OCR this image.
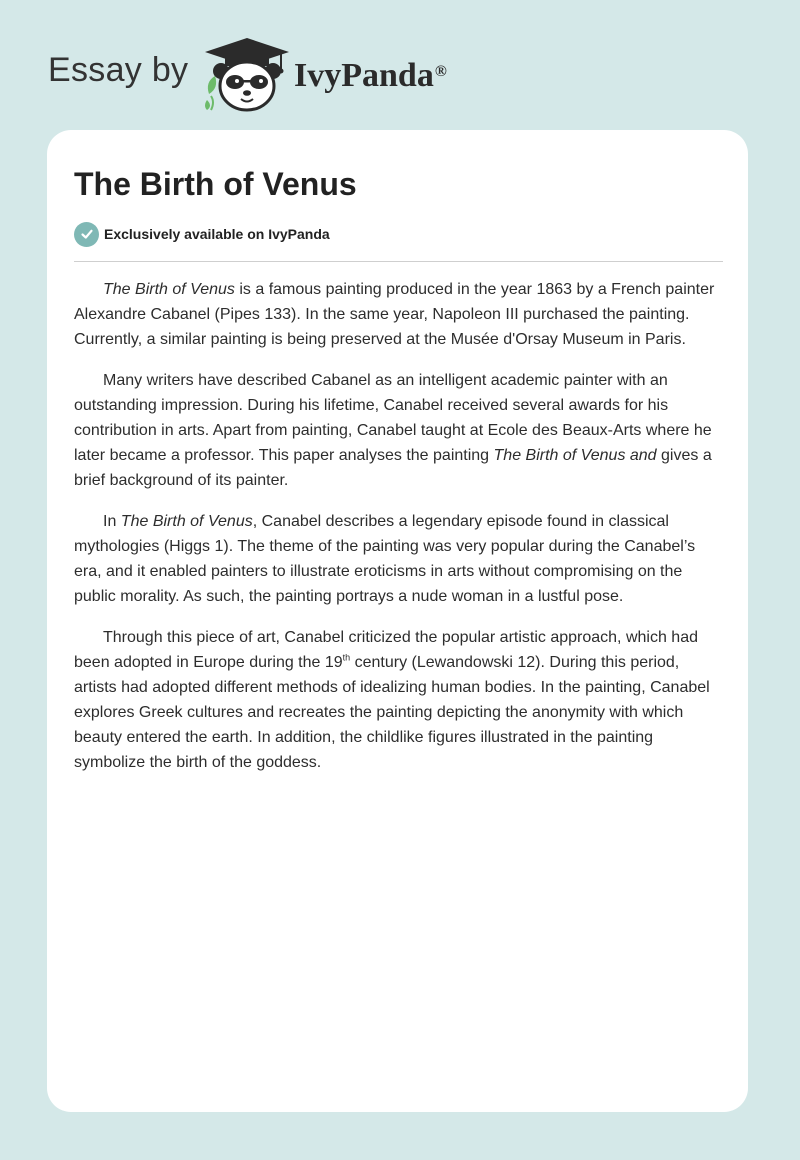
Essay by	IvyPanda®
The Birth of Venus
Exclusively available on IvyPanda

The Birth of Venus is a famous painting produced in the year 1863 by a French painter Alexandre Cabanel (Pipes 133). In the same year, Napoleon III purchased the painting. Currently, a similar painting is being preserved at the Musée d'Orsay Museum in Paris.

Many writers have described Cabanel as an intelligent academic painter with an outstanding impression. During his lifetime, Canabel received several awards for his contribution in arts. Apart from painting, Canabel taught at Ecole des Beaux-Arts where he later became a professor. This paper analyses the painting The Birth of Venus and gives a brief background of its painter.

In The Birth of Venus, Canabel describes a legendary episode found in classical mythologies (Higgs 1). The theme of the painting was very popular during the Canabel’s era, and it enabled painters to illustrate eroticisms in arts without compromising on the public morality. As such, the painting portrays a nude woman in a lustful pose.

Through this piece of art, Canabel criticized the popular artistic approach, which had been adopted in Europe during the 19th century (Lewandowski 12). During this period, artists had adopted different methods of idealizing human bodies. In the painting, Canabel explores Greek cultures and recreates the painting depicting the anonymity with which beauty entered the earth. In addition, the childlike figures illustrated in the painting symbolize the birth of the goddess.
